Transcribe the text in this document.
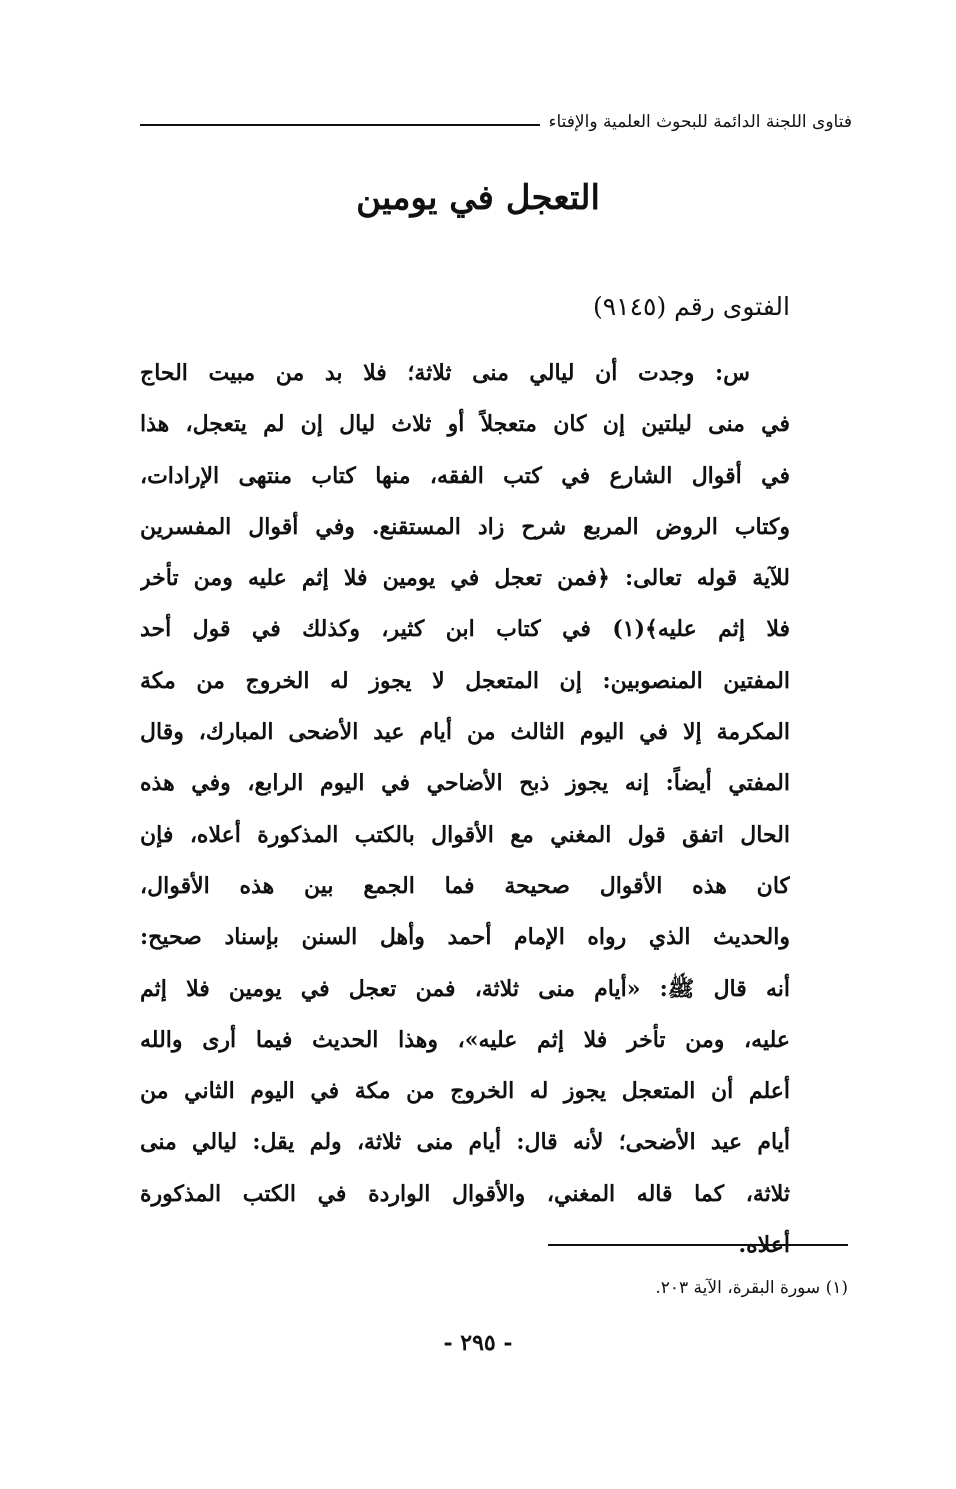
فتاوى اللجنة الدائمة للبحوث العلمية والإفتاء
التعجل في يومين
الفتوى رقم (٩١٤٥)
س: وجدت أن ليالي منى ثلاثة؛ فلا بد من مبيت الحاج
في منى ليلتين إن كان متعجلاً أو ثلاث ليال إن لم يتعجل، هذا
في أقوال الشارع في كتب الفقه، منها كتاب منتهى الإرادات،
وكتاب الروض المربع شرح زاد المستقنع. وفي أقوال المفسرين
للآية قوله تعالى: ﴿فمن تعجل في يومين فلا إثم عليه ومن تأخر
فلا إثم عليه﴾(١) في كتاب ابن كثير، وكذلك في قول أحد
المفتين المنصوبين: إن المتعجل لا يجوز له الخروج من مكة
المكرمة إلا في اليوم الثالث من أيام عيد الأضحى المبارك، وقال
المفتي أيضاً: إنه يجوز ذبح الأضاحي في اليوم الرابع، وفي هذه
الحال اتفق قول المغني مع الأقوال بالكتب المذكورة أعلاه، فإن
كان هذه الأقوال صحيحة فما الجمع بين هذه الأقوال،
والحديث الذي رواه الإمام أحمد وأهل السنن بإسناد صحيح:
أنه قال ﷺ: «أيام منى ثلاثة، فمن تعجل في يومين فلا إثم
عليه، ومن تأخر فلا إثم عليه»، وهذا الحديث فيما أرى والله
أعلم أن المتعجل يجوز له الخروج من مكة في اليوم الثاني من
أيام عيد الأضحى؛ لأنه قال: أيام منى ثلاثة، ولم يقل: ليالي منى
ثلاثة، كما قاله المغني، والأقوال الواردة في الكتب المذكورة
أعلاه.
(١) سورة البقرة، الآية ٢٠٣.
- ٢٩٥ -
